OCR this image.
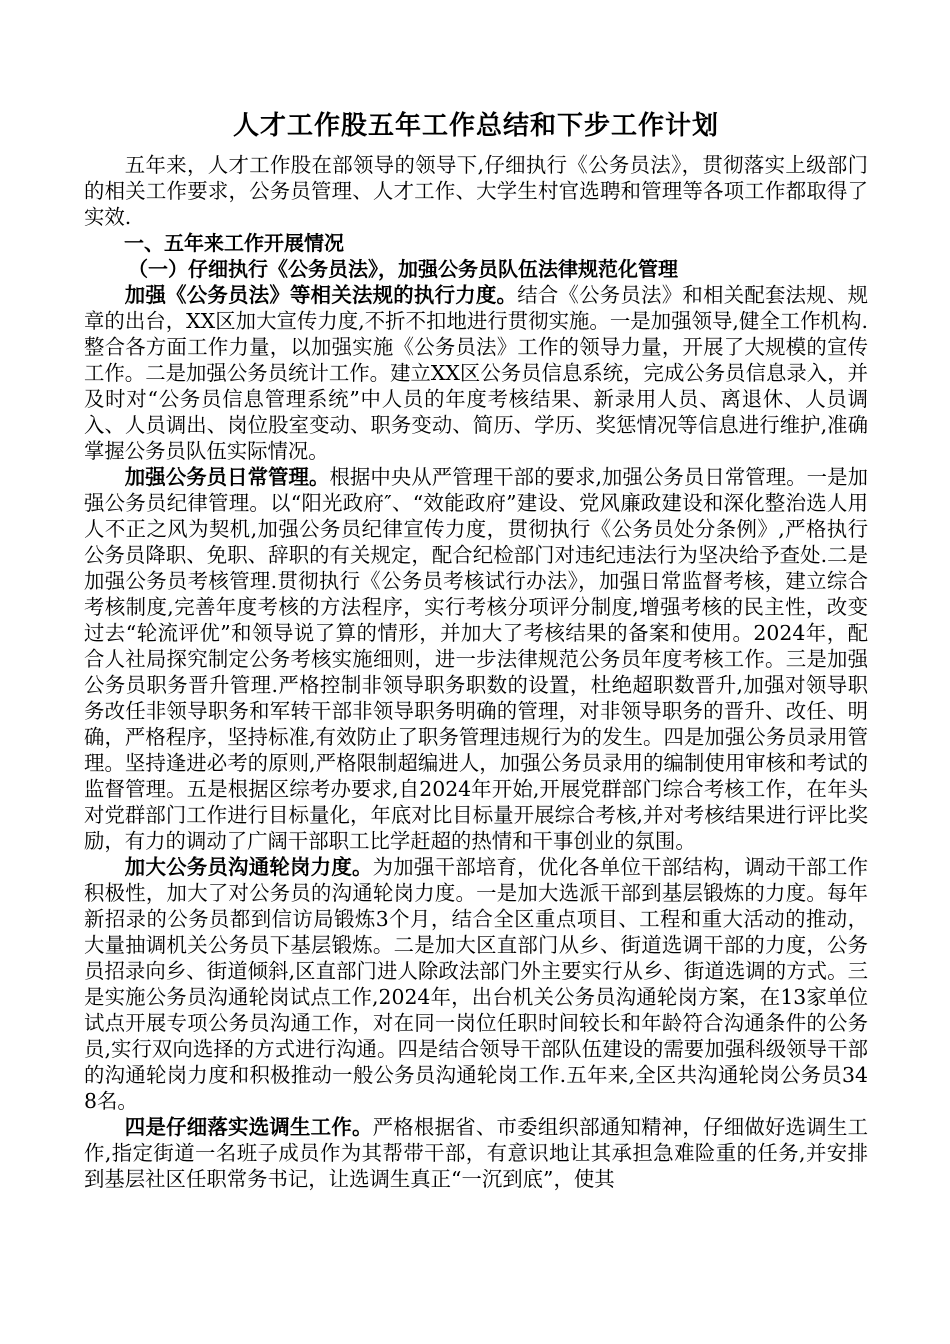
人才工作股五年工作总结和下步工作计划

五年来，人才工作股在部领导的领导下,仔细执行《公务员法》，贯彻落实上级部门的相关工作要求，公务员管理、人才工作、大学生村官选聘和管理等各项工作都取得了实效.

一、五年来工作开展情况

（一）仔细执行《公务员法》，加强公务员队伍法律规范化管理

加强《公务员法》等相关法规的执行力度。结合《公务员法》和相关配套法规、规章的出台，XX区加大宣传力度,不折不扣地进行贯彻实施。一是加强领导,健全工作机构.整合各方面工作力量，以加强实施《公务员法》工作的领导力量，开展了大规模的宣传工作。二是加强公务员统计工作。建立XX区公务员信息系统，完成公务员信息录入，并及时对“公务员信息管理系统”中人员的年度考核结果、新录用人员、离退休、人员调入、人员调出、岗位股室变动、职务变动、简历、学历、奖惩情况等信息进行维护,准确掌握公务员队伍实际情况。

加强公务员日常管理。根据中央从严管理干部的要求,加强公务员日常管理。一是加强公务员纪律管理。以“阳光政府″、“效能政府”建设、党风廉政建设和深化整治选人用人不正之风为契机,加强公务员纪律宣传力度，贯彻执行《公务员处分条例》,严格执行公务员降职、免职、辞职的有关规定，配合纪检部门对违纪违法行为坚决给予查处.二是加强公务员考核管理.贯彻执行《公务员考核试行办法》，加强日常监督考核，建立综合考核制度,完善年度考核的方法程序，实行考核分项评分制度,增强考核的民主性，改变过去“轮流评优”和领导说了算的情形，并加大了考核结果的备案和使用。2024年，配合人社局探究制定公务考核实施细则，进一步法律规范公务员年度考核工作。三是加强公务员职务晋升管理.严格控制非领导职务职数的设置，杜绝超职数晋升,加强对领导职务改任非领导职务和军转干部非领导职务明确的管理，对非领导职务的晋升、改任、明确，严格程序，坚持标准,有效防止了职务管理违规行为的发生。四是加强公务员录用管理。坚持逢进必考的原则,严格限制超编进人，加强公务员录用的编制使用审核和考试的监督管理。五是根据区综考办要求,自2024年开始,开展党群部门综合考核工作，在年头对党群部门工作进行目标量化，年底对比目标量开展综合考核,并对考核结果进行评比奖励，有力的调动了广阔干部职工比学赶超的热情和干事创业的氛围。

加大公务员沟通轮岗力度。为加强干部培育，优化各单位干部结构，调动干部工作积极性，加大了对公务员的沟通轮岗力度。一是加大选派干部到基层锻炼的力度。每年新招录的公务员都到信访局锻炼3个月，结合全区重点项目、工程和重大活动的推动，大量抽调机关公务员下基层锻炼。二是加大区直部门从乡、街道选调干部的力度，公务员招录向乡、街道倾斜,区直部门进人除政法部门外主要实行从乡、街道选调的方式。三是实施公务员沟通轮岗试点工作,2024年，出台机关公务员沟通轮岗方案，在13家单位试点开展专项公务员沟通工作，对在同一岗位任职时间较长和年龄符合沟通条件的公务员,实行双向选择的方式进行沟通。四是结合领导干部队伍建设的需要加强科级领导干部的沟通轮岗力度和积极推动一般公务员沟通轮岗工作.五年来,全区共沟通轮岗公务员348名。

四是仔细落实选调生工作。严格根据省、市委组织部通知精神，仔细做好选调生工作,指定街道一名班子成员作为其帮带干部，有意识地让其承担急难险重的任务,并安排到基层社区任职常务书记，让选调生真正“一沉到底”，使其
